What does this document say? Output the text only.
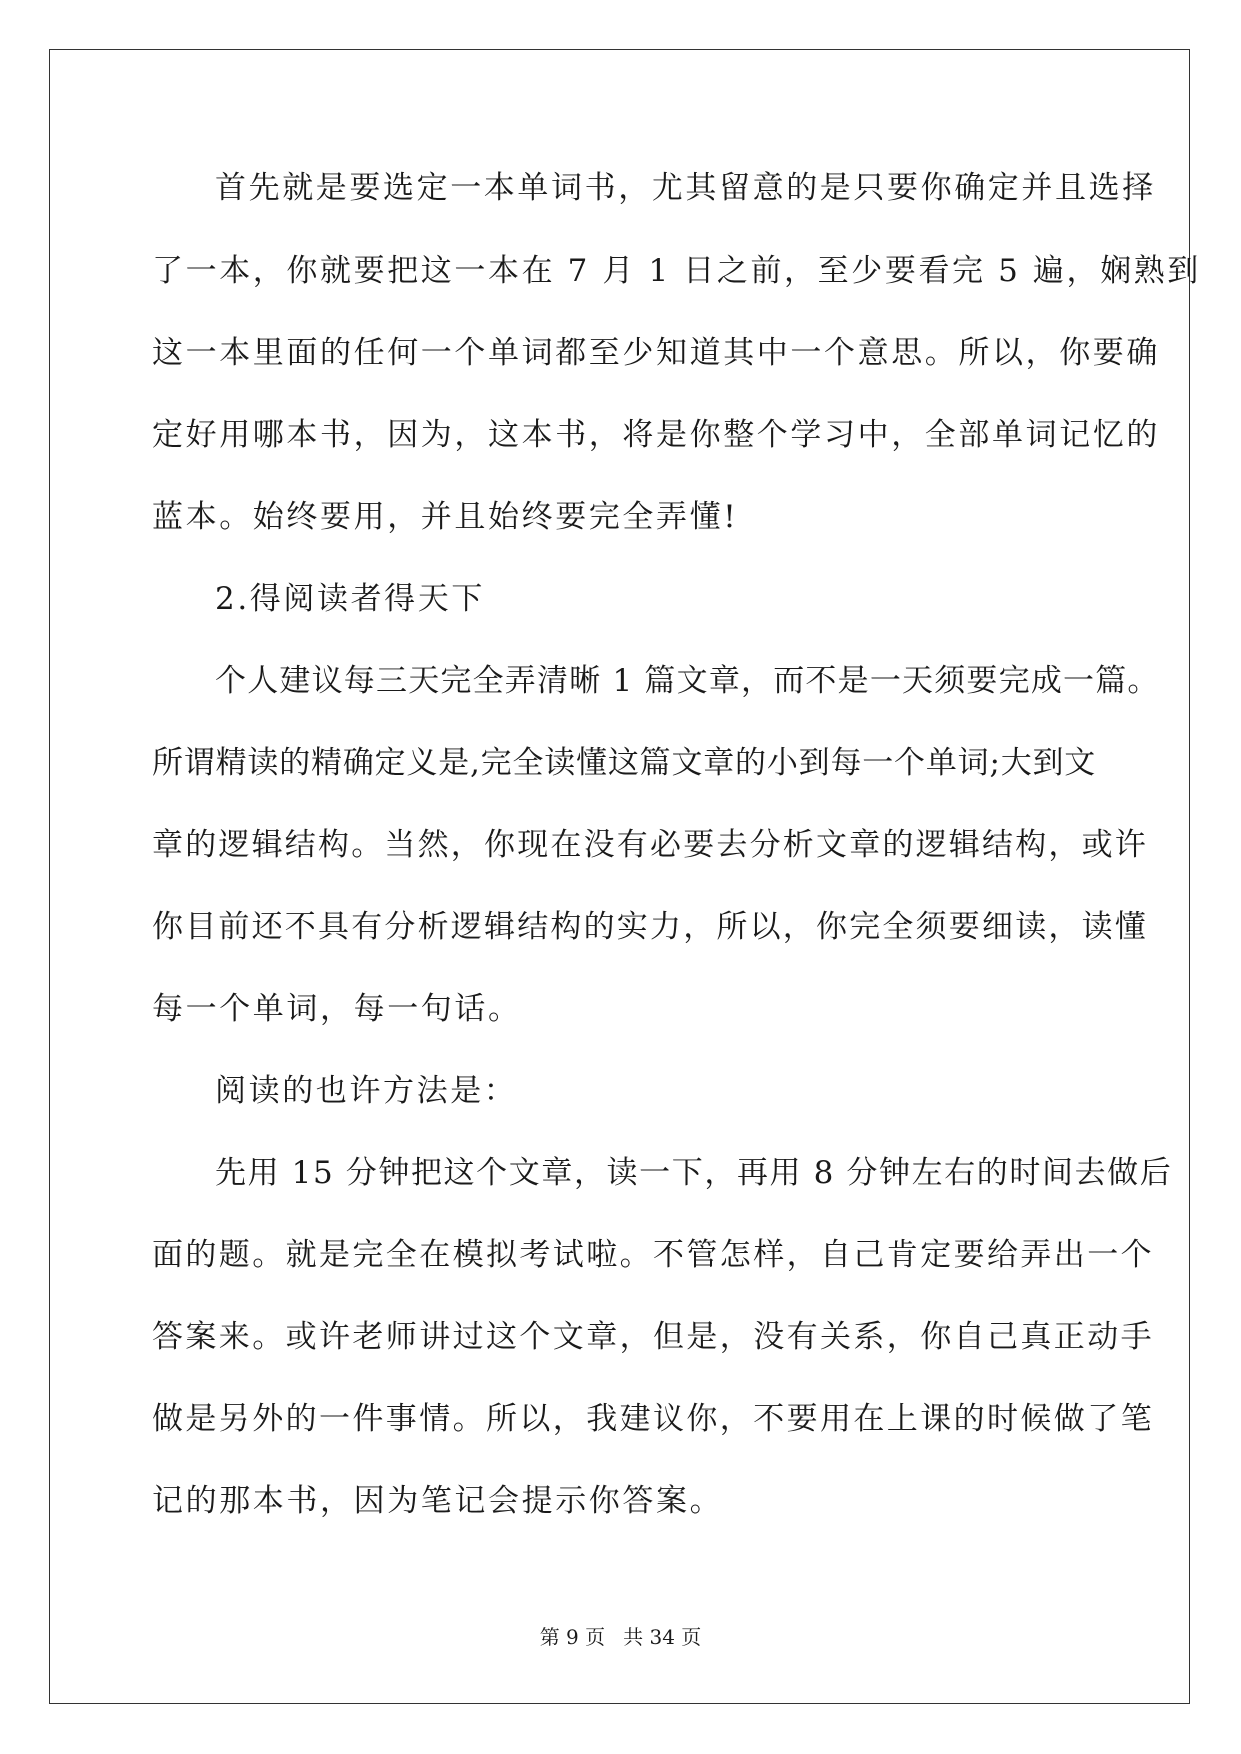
首先就是要选定一本单词书，尤其留意的是只要你确定并且选择
了一本，你就要把这一本在 7 月 1 日之前，至少要看完 5 遍，娴熟到
这一本里面的任何一个单词都至少知道其中一个意思。所以，你要确
定好用哪本书，因为，这本书，将是你整个学习中，全部单词记忆的
蓝本。始终要用，并且始终要完全弄懂!
2.得阅读者得天下
个人建议每三天完全弄清晰 1 篇文章，而不是一天须要完成一篇。
所谓精读的精确定义是,完全读懂这篇文章的小到每一个单词;大到文
章的逻辑结构。当然，你现在没有必要去分析文章的逻辑结构，或许
你目前还不具有分析逻辑结构的实力，所以，你完全须要细读，读懂
每一个单词，每一句话。
阅读的也许方法是：
先用 15 分钟把这个文章，读一下，再用 8 分钟左右的时间去做后
面的题。就是完全在模拟考试啦。不管怎样，自己肯定要给弄出一个
答案来。或许老师讲过这个文章，但是，没有关系，你自己真正动手
做是另外的一件事情。所以，我建议你，不要用在上课的时候做了笔
记的那本书，因为笔记会提示你答案。
第 9 页 共 34 页
